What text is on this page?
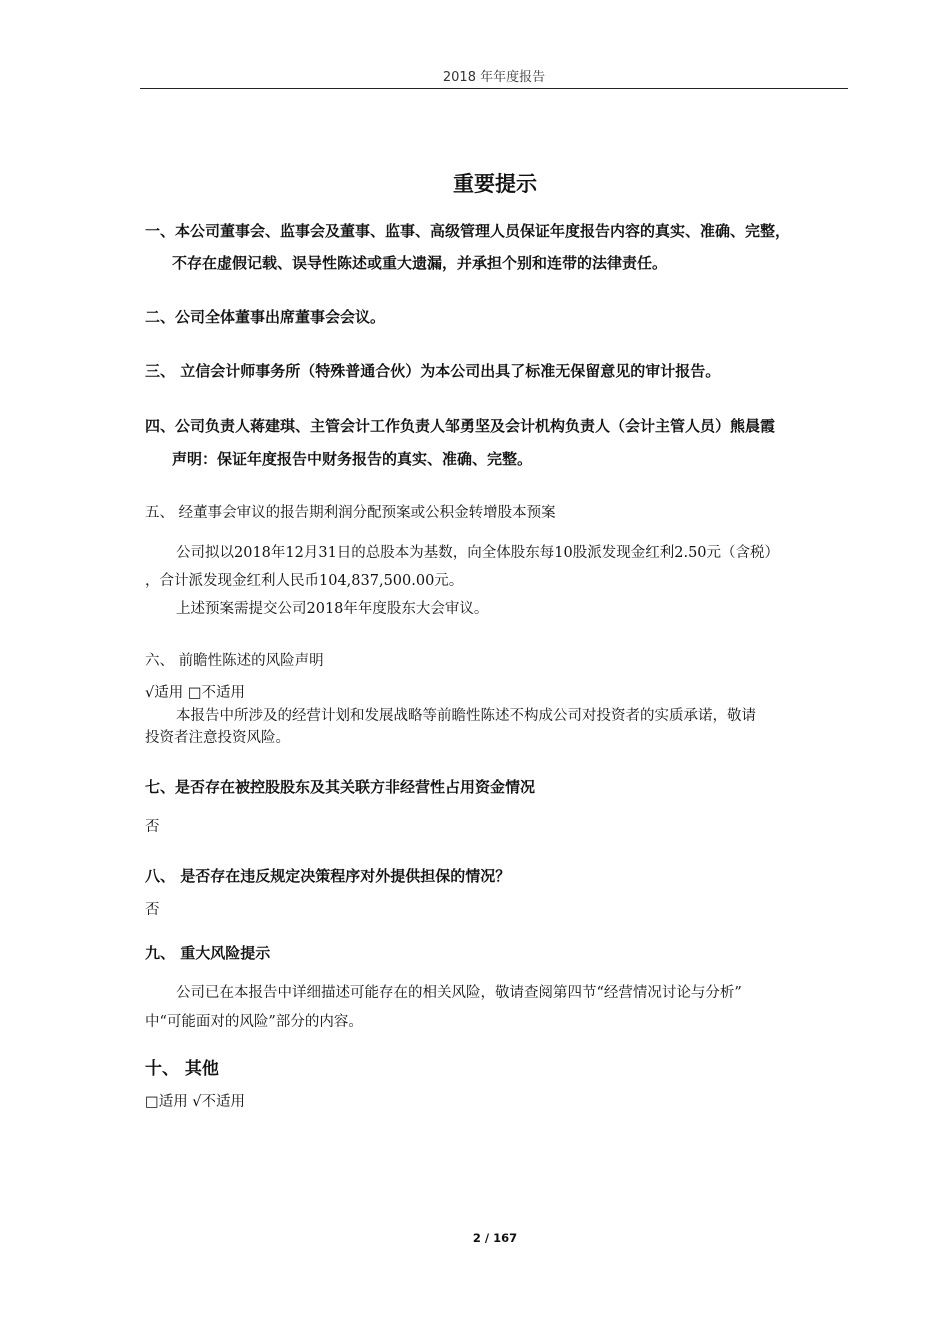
2018 年年度报告
重要提示
一、本公司董事会、监事会及董事、监事、高级管理人员保证年度报告内容的真实、准确、完整，
不存在虚假记载、误导性陈述或重大遗漏，并承担个别和连带的法律责任。
二、公司全体董事出席董事会会议。
三、 立信会计师事务所（特殊普通合伙）为本公司出具了标准无保留意见的审计报告。
四、公司负责人蒋建琪、主管会计工作负责人邹勇坚及会计机构负责人（会计主管人员）熊晨霞
声明：保证年度报告中财务报告的真实、准确、完整。
五、 经董事会审议的报告期利润分配预案或公积金转增股本预案
公司拟以2018年12月31日的总股本为基数，向全体股东每10股派发现金红利2.50元（含税）
，合计派发现金红利人民币104,837,500.00元。
上述预案需提交公司2018年年度股东大会审议。
六、 前瞻性陈述的风险声明
√适用 □不适用
本报告中所涉及的经营计划和发展战略等前瞻性陈述不构成公司对投资者的实质承诺，敬请
投资者注意投资风险。
七、是否存在被控股股东及其关联方非经营性占用资金情况
否
八、 是否存在违反规定决策程序对外提供担保的情况？
否
九、 重大风险提示
公司已在本报告中详细描述可能存在的相关风险，敬请查阅第四节“经营情况讨论与分析”
中“可能面对的风险”部分的内容。
十、 其他
□适用 √不适用
2 / 167
